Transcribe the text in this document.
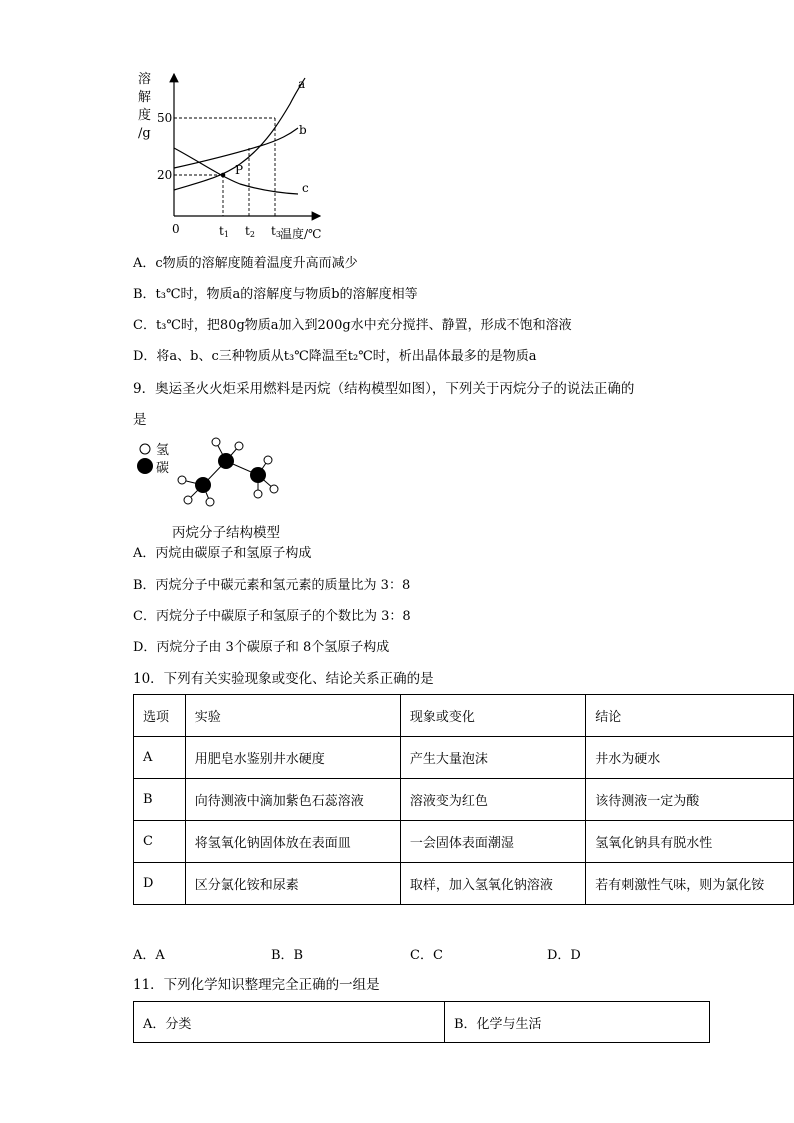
溶
解
度
/g
50
20
0	t1 t2 t3 温度/℃
a
b
c
P
A．c物质的溶解度随着温度升高而减少
B．t₃℃时，物质a的溶解度与物质b的溶解度相等
C．t₃℃时，把80g物质a加入到200g水中充分搅拌、静置，形成不饱和溶液
D．将a、b、c三种物质从t₃℃降温至t₂℃时，析出晶体最多的是物质a
9．奥运圣火火炬采用燃料是丙烷（结构模型如图），下列关于丙烷分子的说法正确的
是
氢
碳
丙烷分子结构模型
A．丙烷由碳原子和氢原子构成
B．丙烷分子中碳元素和氢元素的质量比为 3：8
C．丙烷分子中碳原子和氢原子的个数比为 3：8
D．丙烷分子由 3个碳原子和 8个氢原子构成
10．下列有关实验现象或变化、结论关系正确的是
选项	实验	现象或变化	结论
A	用肥皂水鉴别井水硬度	产生大量泡沫	井水为硬水
B	向待测液中滴加紫色石蕊溶液	溶液变为红色	该待测液一定为酸
C	将氢氧化钠固体放在表面皿	一会固体表面潮湿	氢氧化钠具有脱水性
D	区分氯化铵和尿素	取样，加入氢氧化钠溶液	若有刺激性气味，则为氯化铵
A．A	B．B	C．C	D．D
11．下列化学知识整理完全正确的一组是
A．分类	B．化学与生活
